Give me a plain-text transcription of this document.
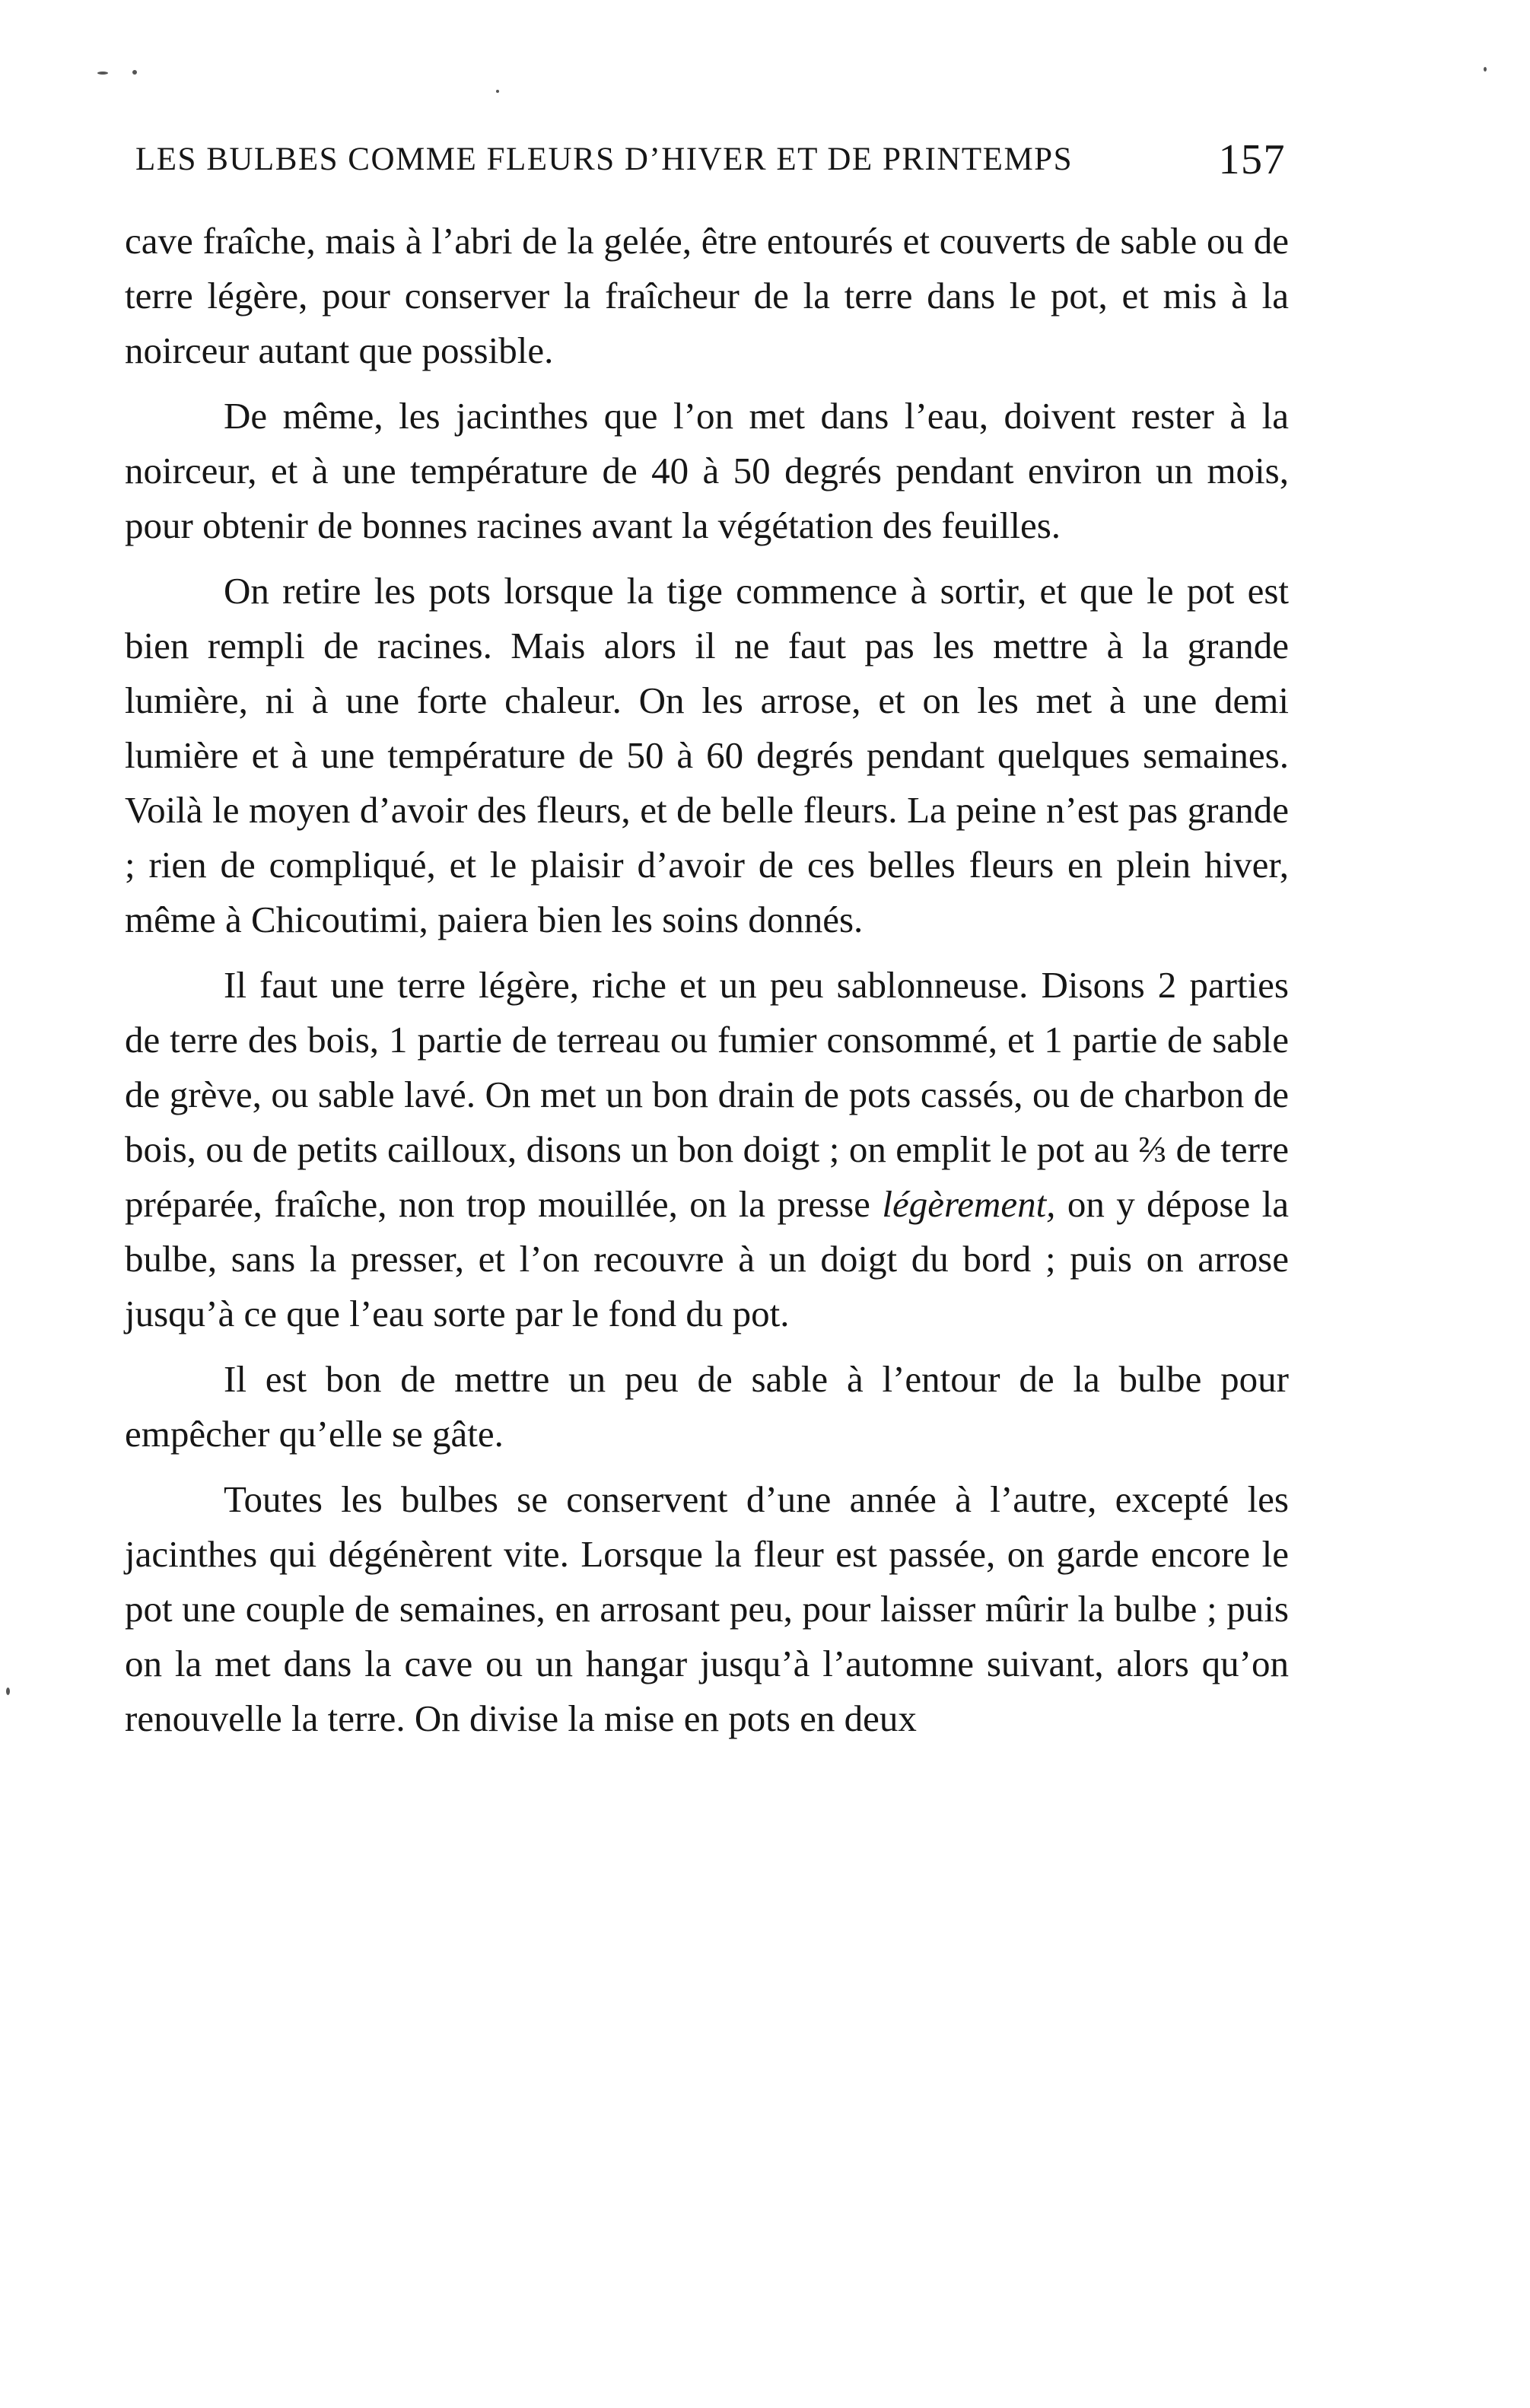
LES BULBES COMME FLEURS D’HIVER ET DE PRINTEMPS	157

cave fraîche, mais à l’abri de la gelée, être entourés et couverts de sable ou de terre légère, pour conserver la fraîcheur de la terre dans le pot, et mis à la noirceur autant que possible.

De même, les jacinthes que l’on met dans l’eau, doivent rester à la noirceur, et à une température de 40 à 50 degrés pendant environ un mois, pour obtenir de bonnes racines avant la végétation des feuilles.

On retire les pots lorsque la tige commence à sortir, et que le pot est bien rempli de racines. Mais alors il ne faut pas les mettre à la grande lumière, ni à une forte chaleur. On les arrose, et on les met à une demi lumière et à une température de 50 à 60 degrés pendant quelques semaines. Voilà le moyen d’avoir des fleurs, et de belle fleurs. La peine n’est pas grande ; rien de compliqué, et le plaisir d’avoir de ces belles fleurs en plein hiver, même à Chicoutimi, paiera bien les soins donnés.

Il faut une terre légère, riche et un peu sablonneuse. Disons 2 parties de terre des bois, 1 partie de terreau ou fumier consommé, et 1 partie de sable de grève, ou sable lavé. On met un bon drain de pots cassés, ou de charbon de bois, ou de petits cailloux, disons un bon doigt ; on emplit le pot au ⅔ de terre préparée, fraîche, non trop mouillée, on la presse légèrement, on y dépose la bulbe, sans la presser, et l’on recouvre à un doigt du bord ; puis on arrose jusqu’à ce que l’eau sorte par le fond du pot.

Il est bon de mettre un peu de sable à l’entour de la bulbe pour empêcher qu’elle se gâte.

Toutes les bulbes se conservent d’une année à l’autre, excepté les jacinthes qui dégénèrent vite. Lorsque la fleur est passée, on garde encore le pot une couple de semaines, en arrosant peu, pour laisser mûrir la bulbe ; puis on la met dans la cave ou un hangar jusqu’à l’automne suivant, alors qu’on renouvelle la terre. On divise la mise en pots en deux
